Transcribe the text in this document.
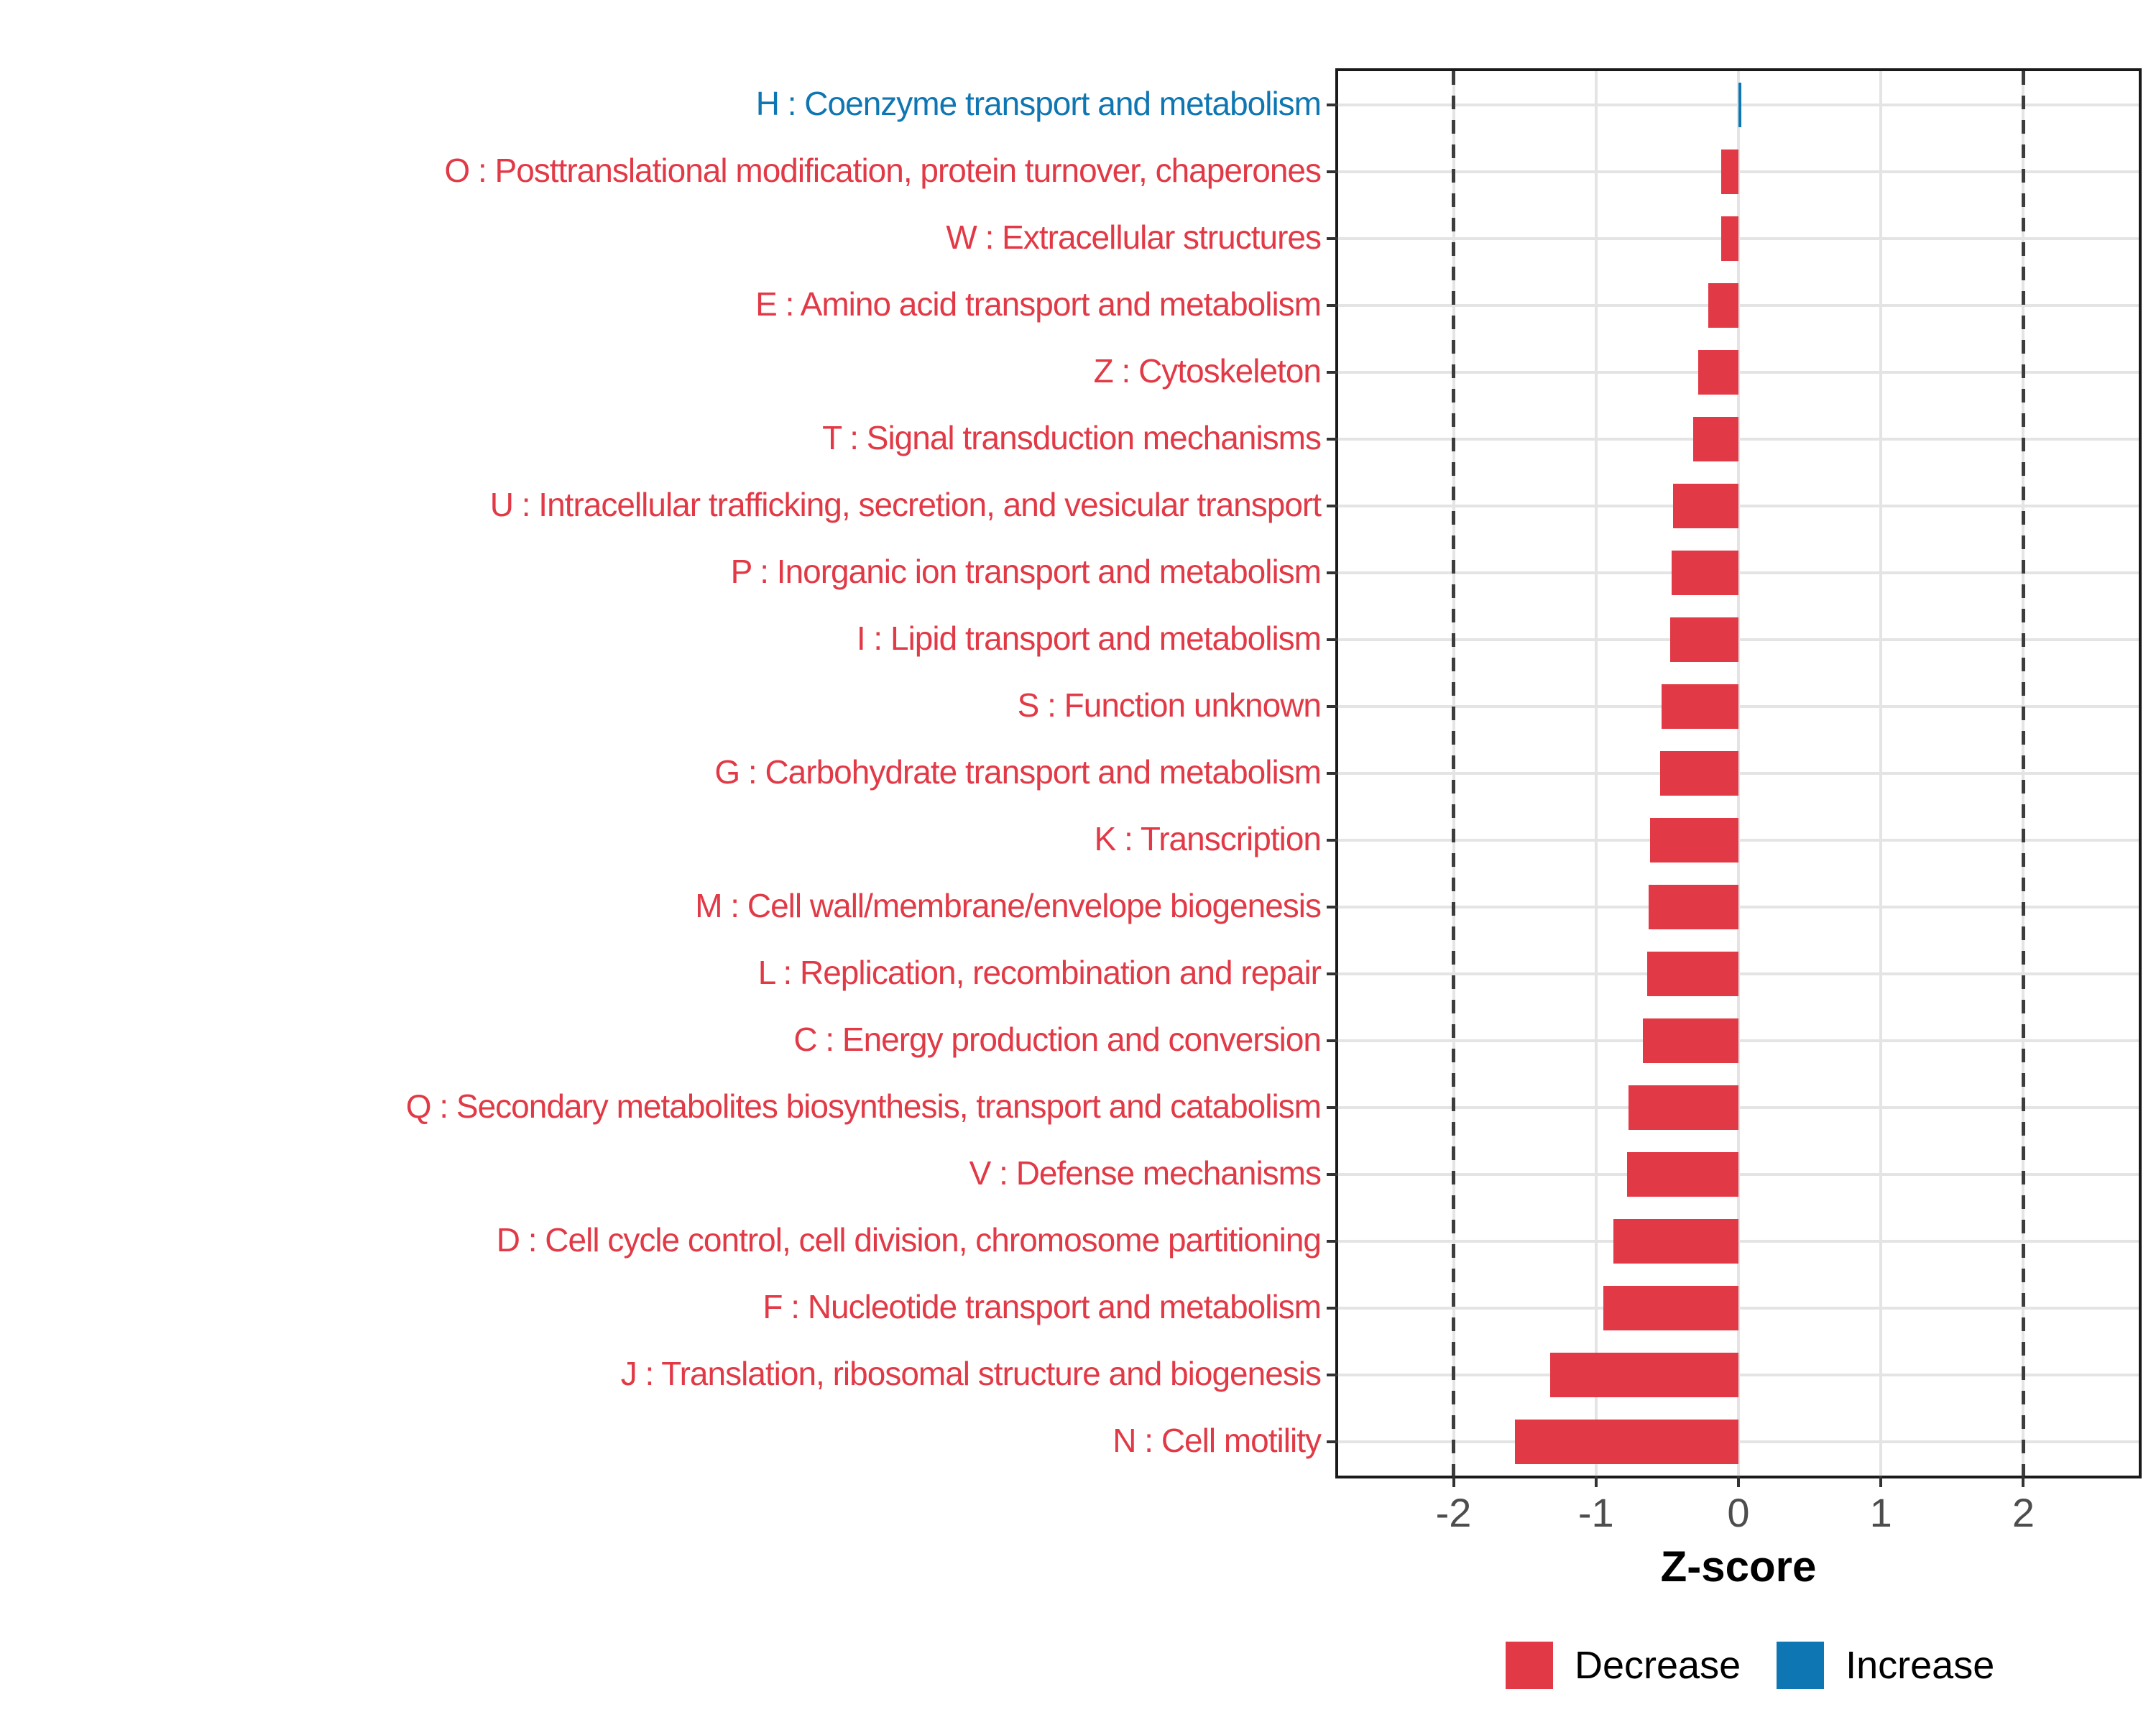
H : Coenzyme transport and metabolism
O : Posttranslational modification, protein turnover, chaperones
W : Extracellular structures
E : Amino acid transport and metabolism
Z : Cytoskeleton
T : Signal transduction mechanisms
U : Intracellular trafficking, secretion, and vesicular transport
P : Inorganic ion transport and metabolism
I : Lipid transport and metabolism
S : Function unknown
G : Carbohydrate transport and metabolism
K : Transcription
M : Cell wall/membrane/envelope biogenesis
L : Replication, recombination and repair
C : Energy production and conversion
Q : Secondary metabolites biosynthesis, transport and catabolism
V : Defense mechanisms
D : Cell cycle control, cell division, chromosome partitioning
F : Nucleotide transport and metabolism
J : Translation, ribosomal structure and biogenesis
N : Cell motility
-2	-1	0	1	2
Z-score
Decrease	Increase
